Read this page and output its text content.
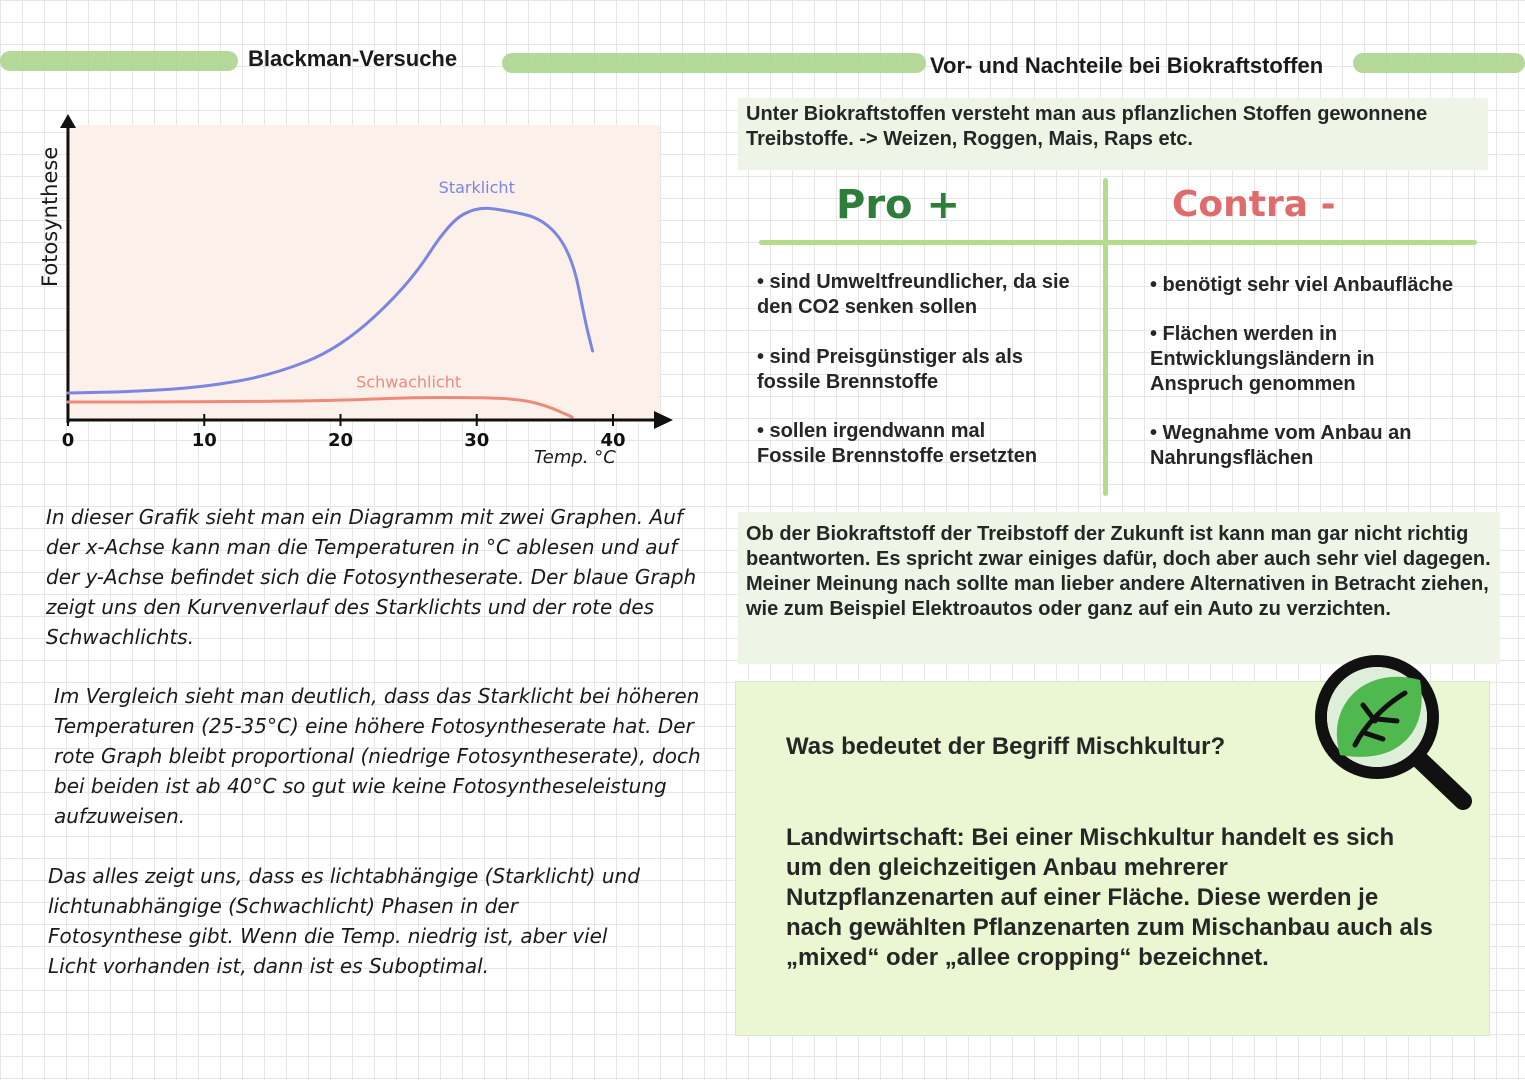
Blackman-Versuche	Vor- und Nachteile bei Biokraftstoffen
0	10	20	30	40
Starklicht
Schwachlicht
Fotosynthese
Temp. °C

In dieser Grafik sieht man ein Diagramm mit zwei Graphen. Auf der x-Achse kann man die Temperaturen in °C ablesen und auf der y-Achse befindet sich die Fotosyntheserate. Der blaue Graph zeigt uns den Kurvenverlauf des Starklichts und der rote des Schwachlichts.

Im Vergleich sieht man deutlich, dass das Starklicht bei höheren Temperaturen (25-35°C) eine höhere Fotosyntheserate hat. Der rote Graph bleibt proportional (niedrige Fotosyntheserate), doch bei beiden ist ab 40°C so gut wie keine Fotosyntheseleistung aufzuweisen.

Das alles zeigt uns, dass es lichtabhängige (Starklicht) und lichtunabhängige (Schwachlicht) Phasen in der Fotosynthese gibt. Wenn die Temp. niedrig ist, aber viel Licht vorhanden ist, dann ist es Suboptimal.

Unter Biokraftstoffen versteht man aus pflanzlichen Stoffen gewonnene Treibstoffe. -> Weizen, Roggen, Mais, Raps etc.
Pro +	Contra -
• sind Umweltfreundlicher, da sie den CO2 senken sollen
• sind Preisgünstiger als als fossile Brennstoffe
• sollen irgendwann mal Fossile Brennstoffe ersetzten
• benötigt sehr viel Anbaufläche
• Flächen werden in Entwicklungsländern in Anspruch genommen
• Wegnahme vom Anbau an Nahrungsflächen
Ob der Biokraftstoff der Treibstoff der Zukunft ist kann man gar nicht richtig beantworten. Es spricht zwar einiges dafür, doch aber auch sehr viel dagegen. Meiner Meinung nach sollte man lieber andere Alternativen in Betracht ziehen, wie zum Beispiel Elektroautos oder ganz auf ein Auto zu verzichten.
Was bedeutet der Begriff Mischkultur?
Landwirtschaft: Bei einer Mischkultur handelt es sich um den gleichzeitigen Anbau mehrerer Nutzpflanzenarten auf einer Fläche. Diese werden je nach gewählten Pflanzenarten zum Mischanbau auch als „mixed“ oder „allee cropping“ bezeichnet.
